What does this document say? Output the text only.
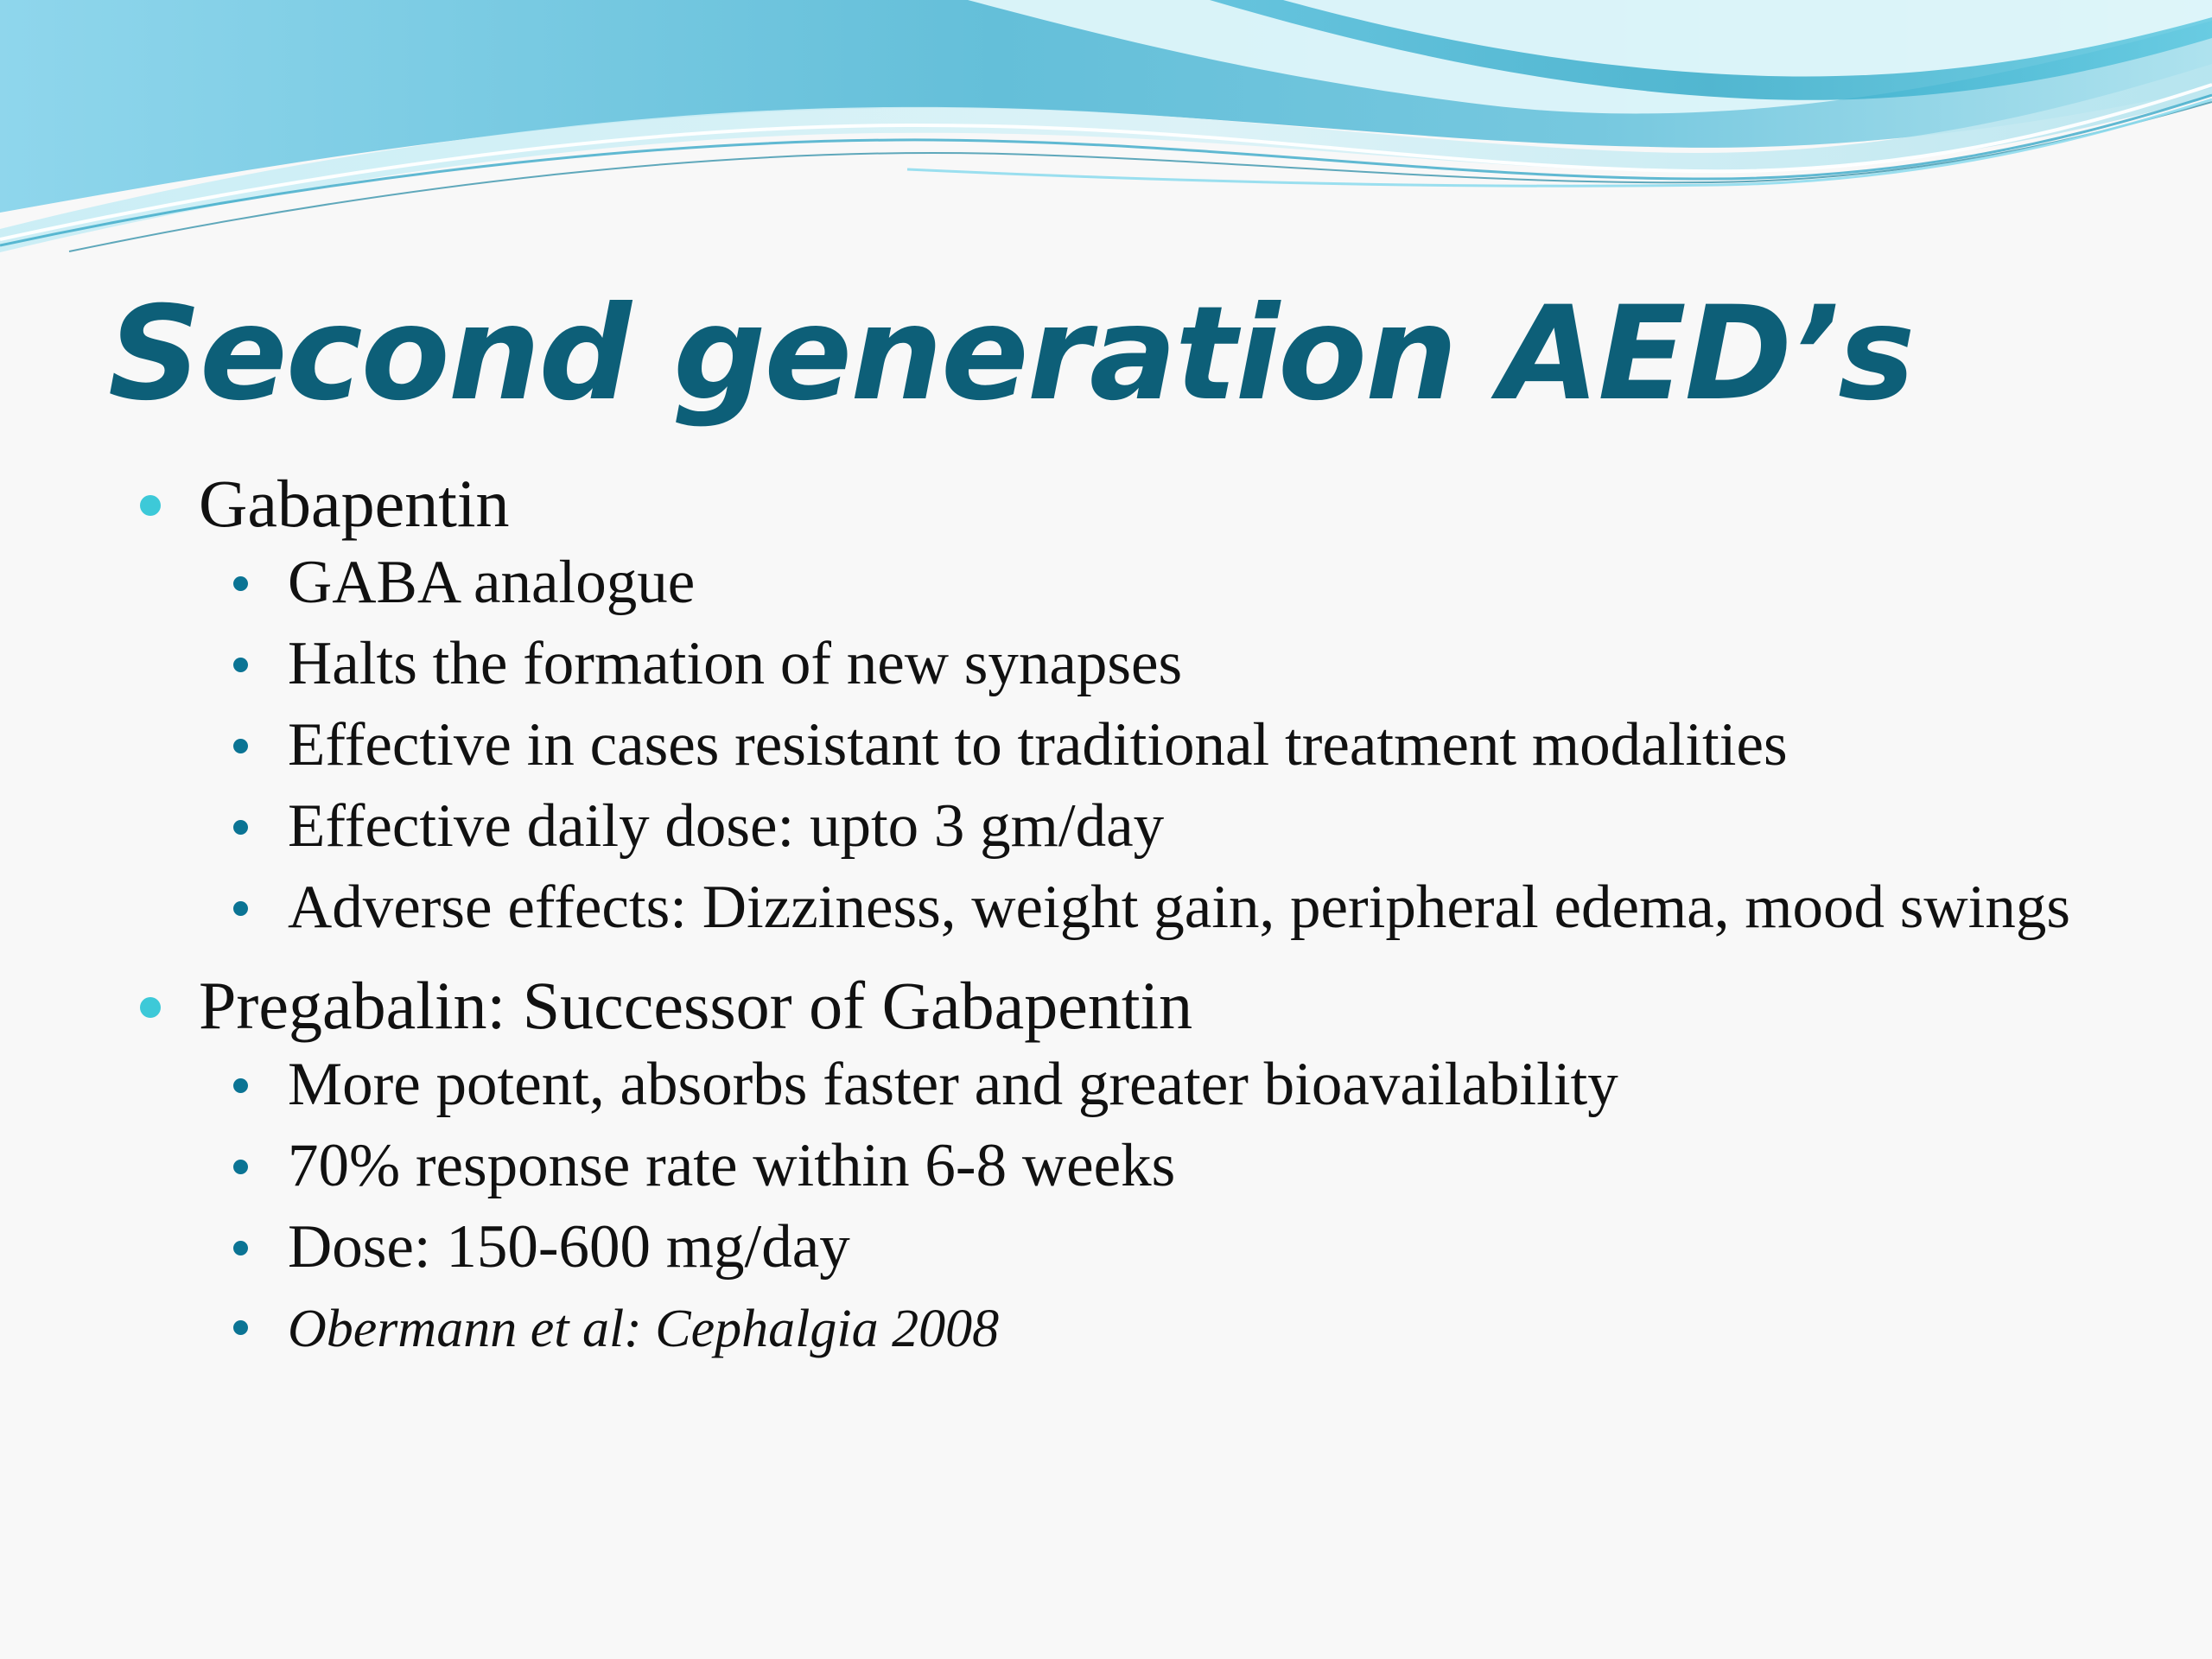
Second generation AED’s
Gabapentin
GABA analogue
Halts the formation of new synapses
Effective in cases resistant to traditional treatment modalities
Effective daily dose: upto 3 gm/day
Adverse effects: Dizziness, weight gain, peripheral edema, mood swings
Pregabalin: Successor of Gabapentin
More potent, absorbs faster and greater bioavailability
70% response rate within 6-8 weeks
Dose: 150-600 mg/day
Obermann et al: Cephalgia 2008
